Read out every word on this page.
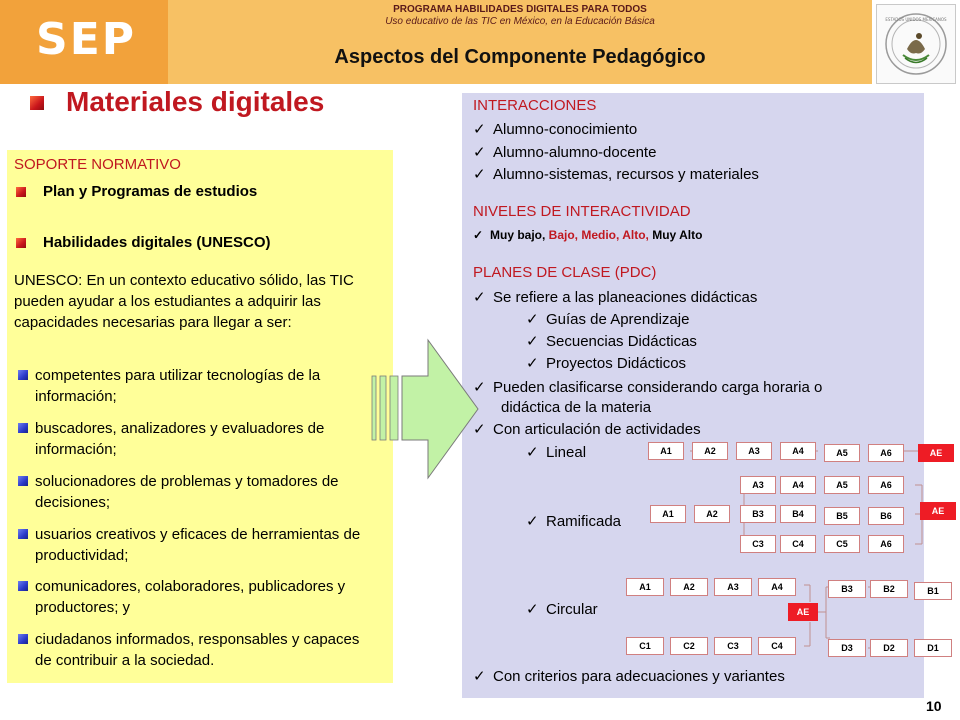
SEP
PROGRAMA HABILIDADES DIGITALES PARA TODOS
Uso educativo de las TIC en México, en la Educación Básica
Aspectos del Componente Pedagógico
ESTADOS UNIDOS MEXICANOS
Materiales digitales
SOPORTE NORMATIVO
Plan y Programas de estudios
Habilidades digitales (UNESCO)
UNESCO: En un contexto educativo sólido, las TIC pueden ayudar a los estudiantes a adquirir las capacidades necesarias para llegar a ser:
competentes para utilizar tecnologías de la información;
buscadores, analizadores y evaluadores de información;
solucionadores de problemas y tomadores de decisiones;
usuarios creativos y eficaces de herramientas de productividad;
comunicadores, colaboradores, publicadores y productores; y
ciudadanos informados, responsables y capaces de contribuir a la sociedad.
INTERACCIONES
✓ Alumno-conocimiento
✓ Alumno-alumno-docente
✓ Alumno-sistemas, recursos y materiales
NIVELES DE INTERACTIVIDAD
✓ Muy bajo, Bajo, Medio, Alto, Muy Alto
PLANES DE CLASE (PDC)
✓ Se refiere a las planeaciones didácticas
✓ Guías de Aprendizaje
✓ Secuencias Didácticas
✓ Proyectos Didácticos
✓ Pueden clasificarse considerando carga horaria o
didáctica de la materia
✓ Con articulación de actividades
✓ Lineal
✓ Ramificada
✓ Circular
✓ Con criterios para adecuaciones y variantes
A1	A2	A3	A4	A5	A6	AE
A3	A4	A5	A6
A1	A2	B3	B4	B5	B6
C3	C4	C5	A6
AE
A1	A2	A3	A4	B3	B2	B1
AE
C1	C2	C3	C4	D3	D2	D1
10
